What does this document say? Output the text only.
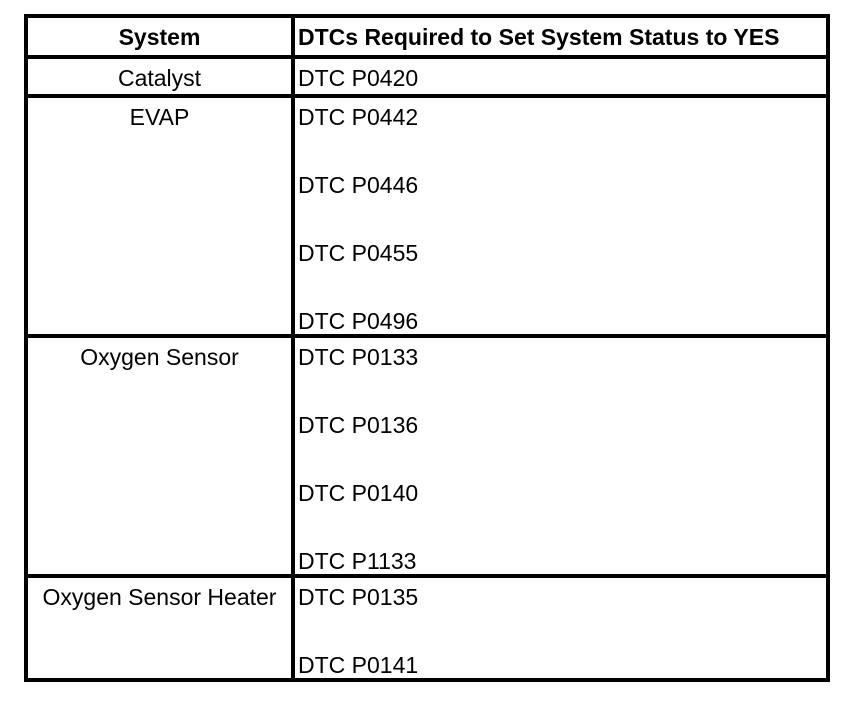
System	DTCs Required to Set System Status to YES
Catalyst	DTC P0420

EVAP	DTC P0442
DTC P0446
DTC P0455
DTC P0496

Oxygen Sensor	DTC P0133
DTC P0136
DTC P0140
DTC P1133

Oxygen Sensor Heater	DTC P0135
DTC P0141
